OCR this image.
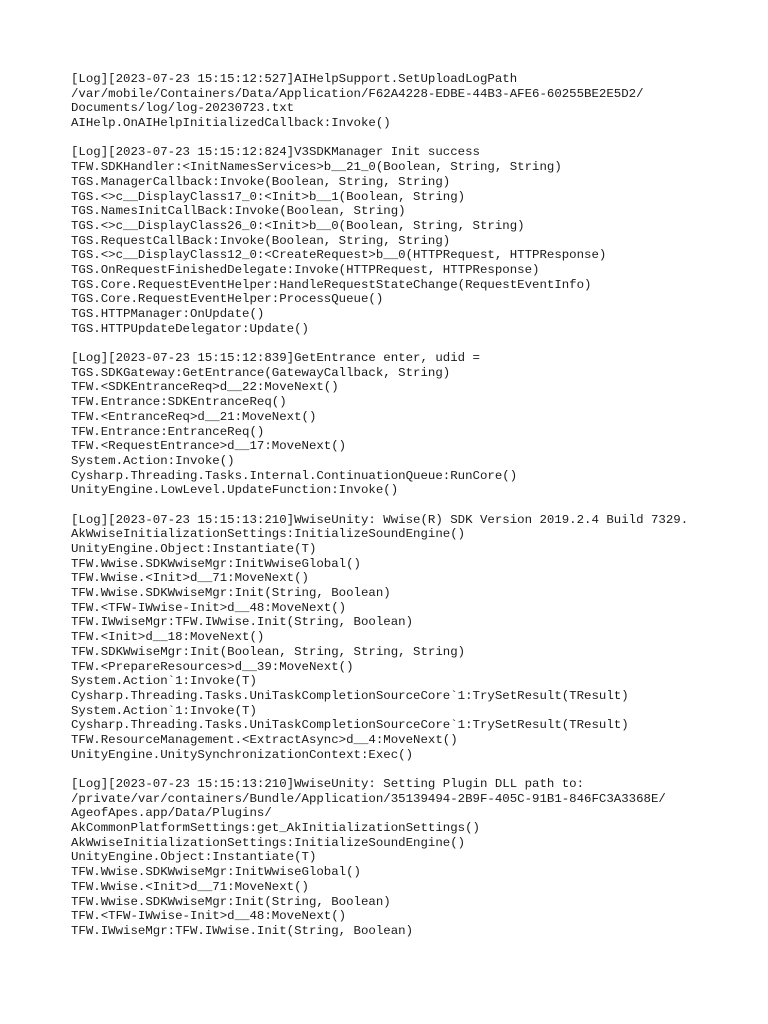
[Log][2023-07-23 15:15:12:527]AIHelpSupport.SetUploadLogPath
/var/mobile/Containers/Data/Application/F62A4228-EDBE-44B3-AFE6-60255BE2E5D2/
Documents/log/log-20230723.txt
AIHelp.OnAIHelpInitializedCallback:Invoke()
[Log][2023-07-23 15:15:12:824]V3SDKManager Init success
TFW.SDKHandler:<InitNamesServices>b__21_0(Boolean, String, String)
TGS.ManagerCallback:Invoke(Boolean, String, String)
TGS.<>c__DisplayClass17_0:<Init>b__1(Boolean, String)
TGS.NamesInitCallBack:Invoke(Boolean, String)
TGS.<>c__DisplayClass26_0:<Init>b__0(Boolean, String, String)
TGS.RequestCallBack:Invoke(Boolean, String, String)
TGS.<>c__DisplayClass12_0:<CreateRequest>b__0(HTTPRequest, HTTPResponse)
TGS.OnRequestFinishedDelegate:Invoke(HTTPRequest, HTTPResponse)
TGS.Core.RequestEventHelper:HandleRequestStateChange(RequestEventInfo)
TGS.Core.RequestEventHelper:ProcessQueue()
TGS.HTTPManager:OnUpdate()
TGS.HTTPUpdateDelegator:Update()
[Log][2023-07-23 15:15:12:839]GetEntrance enter, udid =
TGS.SDKGateway:GetEntrance(GatewayCallback, String)
TFW.<SDKEntranceReq>d__22:MoveNext()
TFW.Entrance:SDKEntranceReq()
TFW.<EntranceReq>d__21:MoveNext()
TFW.Entrance:EntranceReq()
TFW.<RequestEntrance>d__17:MoveNext()
System.Action:Invoke()
Cysharp.Threading.Tasks.Internal.ContinuationQueue:RunCore()
UnityEngine.LowLevel.UpdateFunction:Invoke()
[Log][2023-07-23 15:15:13:210]WwiseUnity: Wwise(R) SDK Version 2019.2.4 Build 7329.
AkWwiseInitializationSettings:InitializeSoundEngine()
UnityEngine.Object:Instantiate(T)
TFW.Wwise.SDKWwiseMgr:InitWwiseGlobal()
TFW.Wwise.<Init>d__71:MoveNext()
TFW.Wwise.SDKWwiseMgr:Init(String, Boolean)
TFW.<TFW-IWwise-Init>d__48:MoveNext()
TFW.IWwiseMgr:TFW.IWwise.Init(String, Boolean)
TFW.<Init>d__18:MoveNext()
TFW.SDKWwiseMgr:Init(Boolean, String, String, String)
TFW.<PrepareResources>d__39:MoveNext()
System.Action`1:Invoke(T)
Cysharp.Threading.Tasks.UniTaskCompletionSourceCore`1:TrySetResult(TResult)
System.Action`1:Invoke(T)
Cysharp.Threading.Tasks.UniTaskCompletionSourceCore`1:TrySetResult(TResult)
TFW.ResourceManagement.<ExtractAsync>d__4:MoveNext()
UnityEngine.UnitySynchronizationContext:Exec()
[Log][2023-07-23 15:15:13:210]WwiseUnity: Setting Plugin DLL path to:
/private/var/containers/Bundle/Application/35139494-2B9F-405C-91B1-846FC3A3368E/
AgeofApes.app/Data/Plugins/
AkCommonPlatformSettings:get_AkInitializationSettings()
AkWwiseInitializationSettings:InitializeSoundEngine()
UnityEngine.Object:Instantiate(T)
TFW.Wwise.SDKWwiseMgr:InitWwiseGlobal()
TFW.Wwise.<Init>d__71:MoveNext()
TFW.Wwise.SDKWwiseMgr:Init(String, Boolean)
TFW.<TFW-IWwise-Init>d__48:MoveNext()
TFW.IWwiseMgr:TFW.IWwise.Init(String, Boolean)
